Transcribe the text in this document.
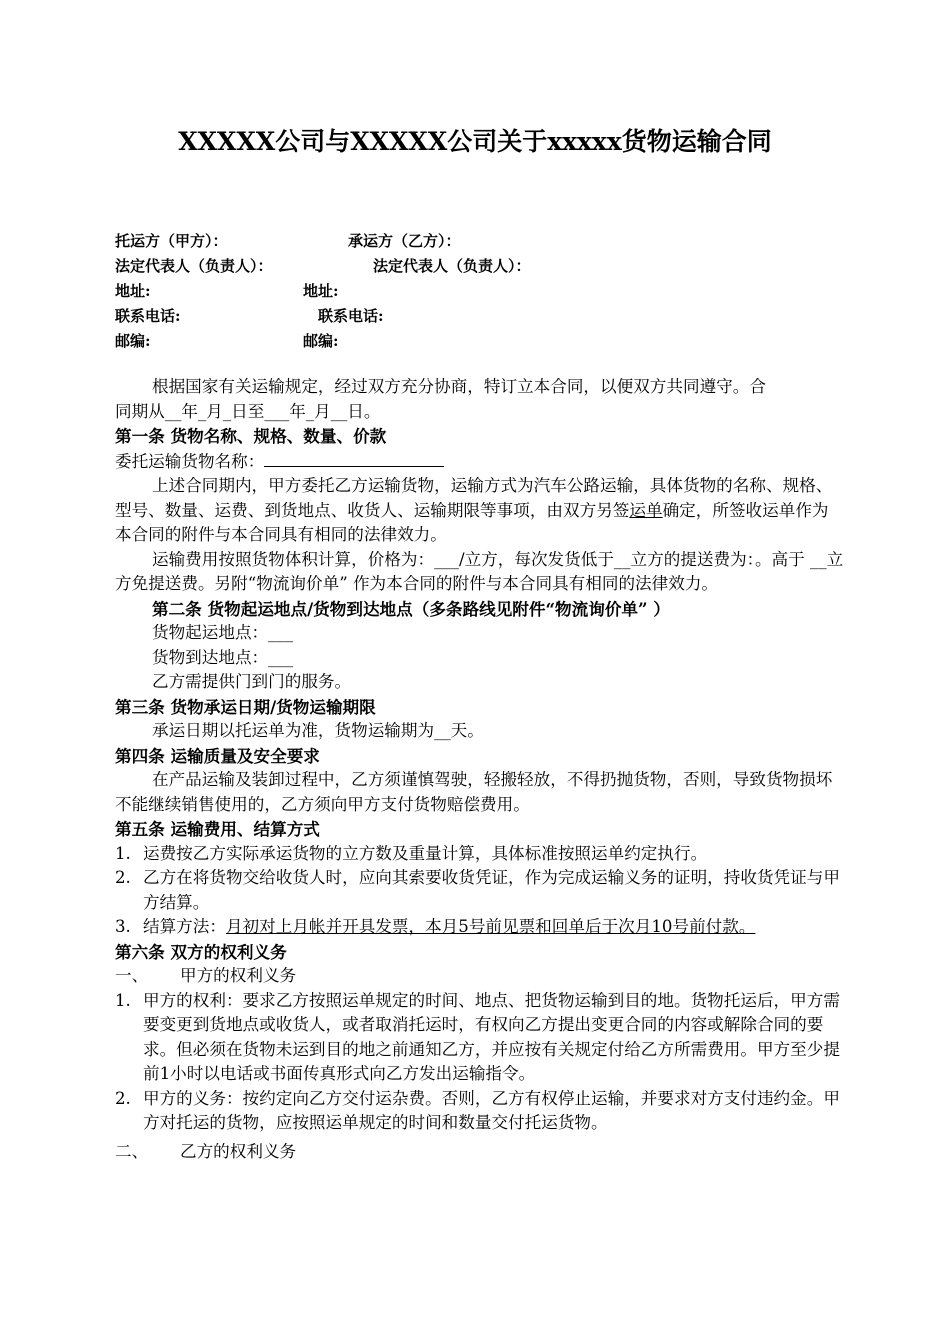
XXXXX公司与XXXXX公司关于xxxxx货物运输合同
托运方（甲方）：	承运方（乙方）：
法定代表人（负责人）：	法定代表人（负责人）：
地址:	地址:
联系电话:	联系电话:
邮编:	邮编:

根据国家有关运输规定，经过双方充分协商，特订立本合同，以便双方共同遵守。合

同期从__年_月_日至___年_月__日。

第一条 货物名称、规格、数量、价款

委托运输货物名称：

上述合同期内，甲方委托乙方运输货物，运输方式为汽车公路运输，具体货物的名称、规格、型号、数量、运费、到货地点、收货人、运输期限等事项，由双方另签运单确定，所签收运单作为本合同的附件与本合同具有相同的法律效力。

运输费用按照货物体积计算，价格为：___/立方，每次发货低于__立方的提送费为：。高于 __立方免提送费。另附“物流询价单” 作为本合同的附件与本合同具有相同的法律效力。

第二条 货物起运地点/货物到达地点（多条路线见附件“物流询价单” ）

货物起运地点：___

货物到达地点：___

乙方需提供门到门的服务。

第三条 货物承运日期/货物运输期限

承运日期以托运单为准，货物运输期为__天。

第四条 运输质量及安全要求

在产品运输及装卸过程中，乙方须谨慎驾驶，轻搬轻放，不得扔抛货物，否则，导致货物损坏不能继续销售使用的，乙方须向甲方支付货物赔偿费用。

第五条 运输费用、结算方式

1. 运费按乙方实际承运货物的立方数及重量计算，具体标准按照运单约定执行。
2. 乙方在将货物交给收货人时，应向其索要收货凭证，作为完成运输义务的证明，持收货凭证与甲方结算。
3. 结算方法：月初对上月帐并开具发票，本月5号前见票和回单后于次月10号前付款。

第六条 双方的权利义务

一、 甲方的权利义务

1. 甲方的权利：要求乙方按照运单规定的时间、地点、把货物运输到目的地。货物托运后，甲方需要变更到货地点或收货人，或者取消托运时，有权向乙方提出变更合同的内容或解除合同的要求。但必须在货物未运到目的地之前通知乙方，并应按有关规定付给乙方所需费用。甲方至少提前1小时以电话或书面传真形式向乙方发出运输指令。
2. 甲方的义务：按约定向乙方交付运杂费。否则，乙方有权停止运输，并要求对方支付违约金。甲方对托运的货物，应按照运单规定的时间和数量交付托运货物。

二、 乙方的权利义务
